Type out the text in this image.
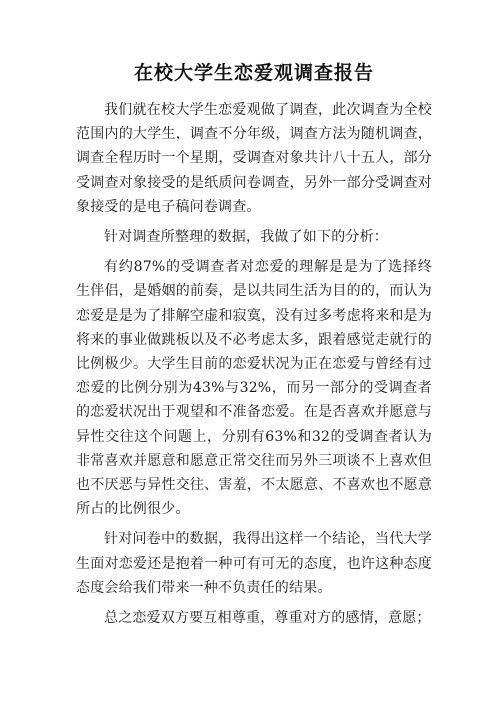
在校大学生恋爱观调查报告

我们就在校大学生恋爱观做了调查，此次调查为全校范围内的大学生，调查不分年级，调查方法为随机调查，调查全程历时一个星期，受调查对象共计八十五人，部分受调查对象接受的是纸质问卷调查，另外一部分受调查对象接受的是电子稿问卷调查。

针对调查所整理的数据，我做了如下的分析：

有约87%的受调查者对恋爱的理解是是为了选择终生伴侣，是婚姻的前奏，是以共同生活为目的的，而认为恋爱是是为了排解空虚和寂寞，没有过多考虑将来和是为将来的事业做跳板以及不必考虑太多，跟着感觉走就行的比例极少。大学生目前的恋爱状况为正在恋爱与曾经有过恋爱的比例分别为43%与32%，而另一部分的受调查者的恋爱状况出于观望和不准备恋爱。在是否喜欢并愿意与异性交往这个问题上，分别有63%和32的受调查者认为非常喜欢并愿意和愿意正常交往而另外三项谈不上喜欢但也不厌恶与异性交往、害羞，不太愿意、不喜欢也不愿意所占的比例很少。

针对问卷中的数据，我得出这样一个结论，当代大学生面对恋爱还是抱着一种可有可无的态度，也许这种态度态度会给我们带来一种不负责任的结果。

总之恋爱双方要互相尊重，尊重对方的感情，意愿；
